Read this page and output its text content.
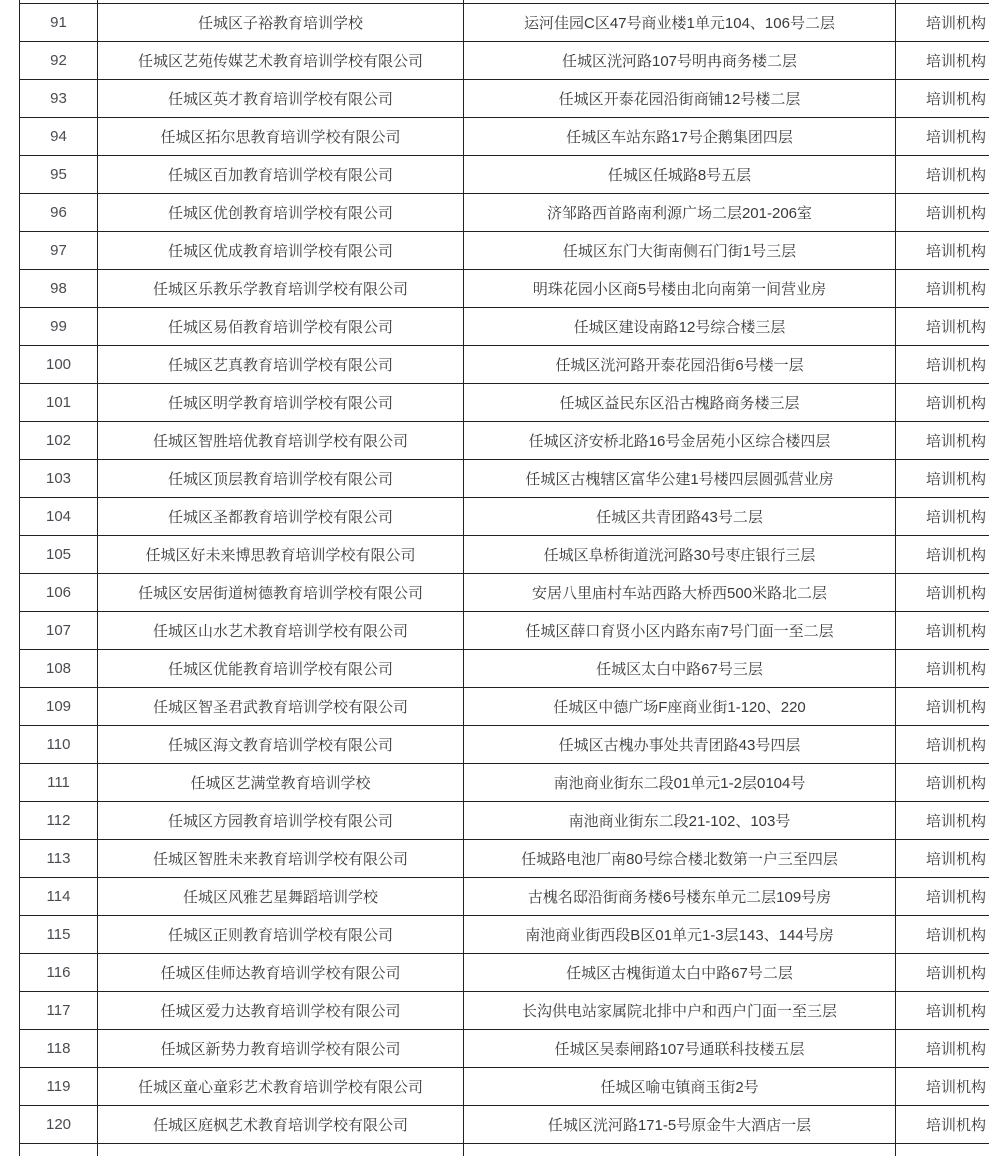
91	任城区子裕教育培训学校	运河佳园C区47号商业楼1单元104、106号二层	培训机构
92	任城区艺苑传媒艺术教育培训学校有限公司	任城区洸河路107号明冉商务楼二层	培训机构
93	任城区英才教育培训学校有限公司	任城区开泰花园沿街商铺12号楼二层	培训机构
94	任城区拓尔思教育培训学校有限公司	任城区车站东路17号企鹅集团四层	培训机构
95	任城区百加教育培训学校有限公司	任城区任城路8号五层	培训机构
96	任城区优创教育培训学校有限公司	济邹路西首路南利源广场二层201-206室	培训机构
97	任城区优成教育培训学校有限公司	任城区东门大街南侧石门街1号三层	培训机构
98	任城区乐教乐学教育培训学校有限公司	明珠花园小区商5号楼由北向南第一间营业房	培训机构
99	任城区易佰教育培训学校有限公司	任城区建设南路12号综合楼三层	培训机构
100	任城区艺真教育培训学校有限公司	任城区洸河路开泰花园沿街6号楼一层	培训机构
101	任城区明学教育培训学校有限公司	任城区益民东区沿古槐路商务楼三层	培训机构
102	任城区智胜培优教育培训学校有限公司	任城区济安桥北路16号金居苑小区综合楼四层	培训机构
103	任城区顶层教育培训学校有限公司	任城区古槐辖区富华公建1号楼四层圆弧营业房	培训机构
104	任城区圣都教育培训学校有限公司	任城区共青团路43号二层	培训机构
105	任城区好未来博思教育培训学校有限公司	任城区阜桥街道洸河路30号枣庄银行三层	培训机构
106	任城区安居街道树德教育培训学校有限公司	安居八里庙村车站西路大桥西500米路北二层	培训机构
107	任城区山水艺术教育培训学校有限公司	任城区薛口育贤小区内路东南7号门面一至二层	培训机构
108	任城区优能教育培训学校有限公司	任城区太白中路67号三层	培训机构
109	任城区智圣君武教育培训学校有限公司	任城区中德广场F座商业街1-120、220	培训机构
110	任城区海文教育培训学校有限公司	任城区古槐办事处共青团路43号四层	培训机构
111	任城区艺满堂教育培训学校	南池商业街东二段01单元1-2层0104号	培训机构
112	任城区方园教育培训学校有限公司	南池商业街东二段21-102、103号	培训机构
113	任城区智胜未来教育培训学校有限公司	任城路电池厂南80号综合楼北数第一户三至四层	培训机构
114	任城区风雅艺星舞蹈培训学校	古槐名邸沿街商务楼6号楼东单元二层109号房	培训机构
115	任城区正则教育培训学校有限公司	南池商业街西段B区01单元1-3层143、144号房	培训机构
116	任城区佳师达教育培训学校有限公司	任城区古槐街道太白中路67号二层	培训机构
117	任城区爱力达教育培训学校有限公司	长沟供电站家属院北排中户和西户门面一至三层	培训机构
118	任城区新势力教育培训学校有限公司	任城区吴泰闸路107号通联科技楼五层	培训机构
119	任城区童心童彩艺术教育培训学校有限公司	任城区喻屯镇商玉街2号	培训机构
120	任城区庭枫艺术教育培训学校有限公司	任城区洸河路171-5号原金牛大酒店一层	培训机构
